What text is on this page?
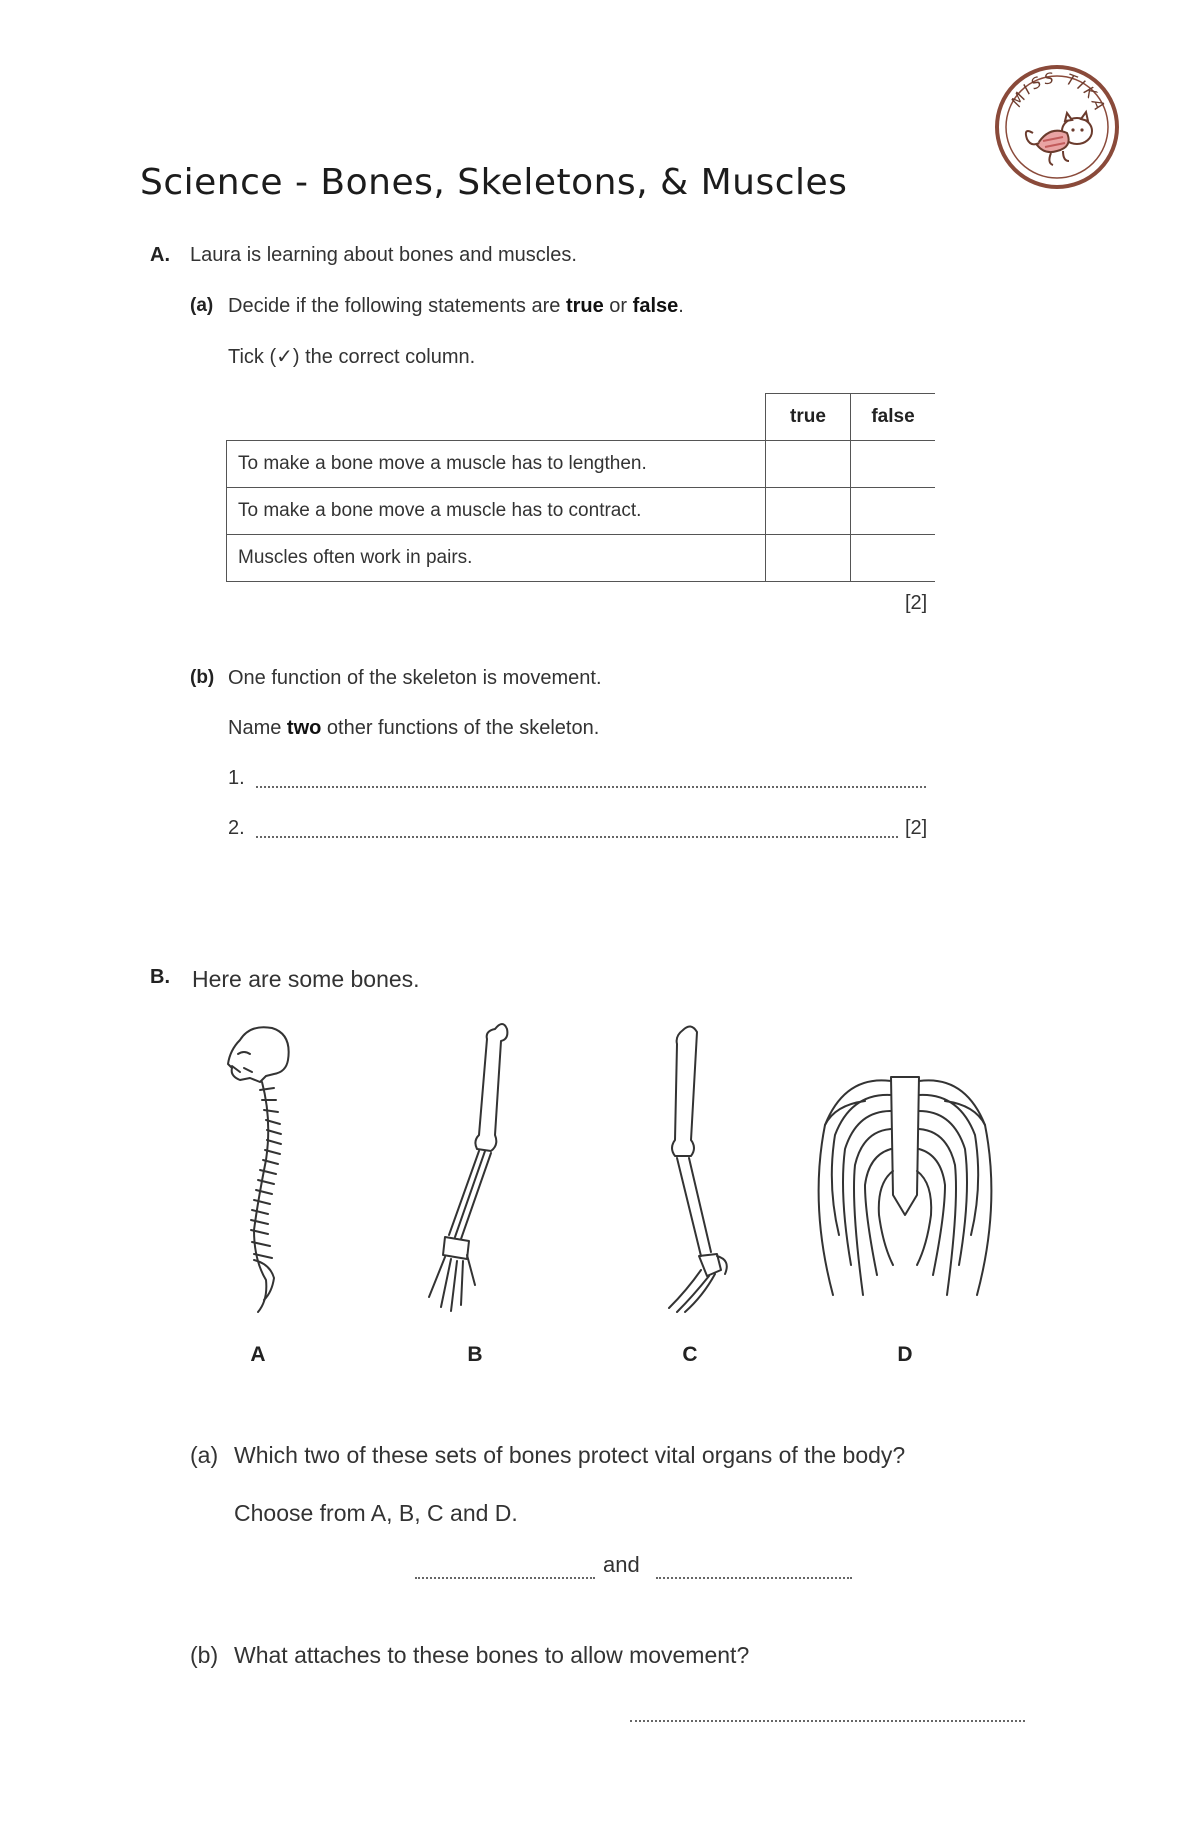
Science - Bones, Skeletons, & Muscles
MISS TIKA
A. Laura is learning about bones and muscles.
(a) Decide if the following statements are true or false.
Tick (✓) the correct column.
	true	false
To make a bone move a muscle has to lengthen.		
To make a bone move a muscle has to contract.		
Muscles often work in pairs.		
[2]
(b) One function of the skeleton is movement.
Name two other functions of the skeleton.
1.
2.	[2]
B. Here are some bones.
A	B	C	D
(a) Which two of these sets of bones protect vital organs of the body?
Choose from A, B, C and D.
and
(b) What attaches to these bones to allow movement?
